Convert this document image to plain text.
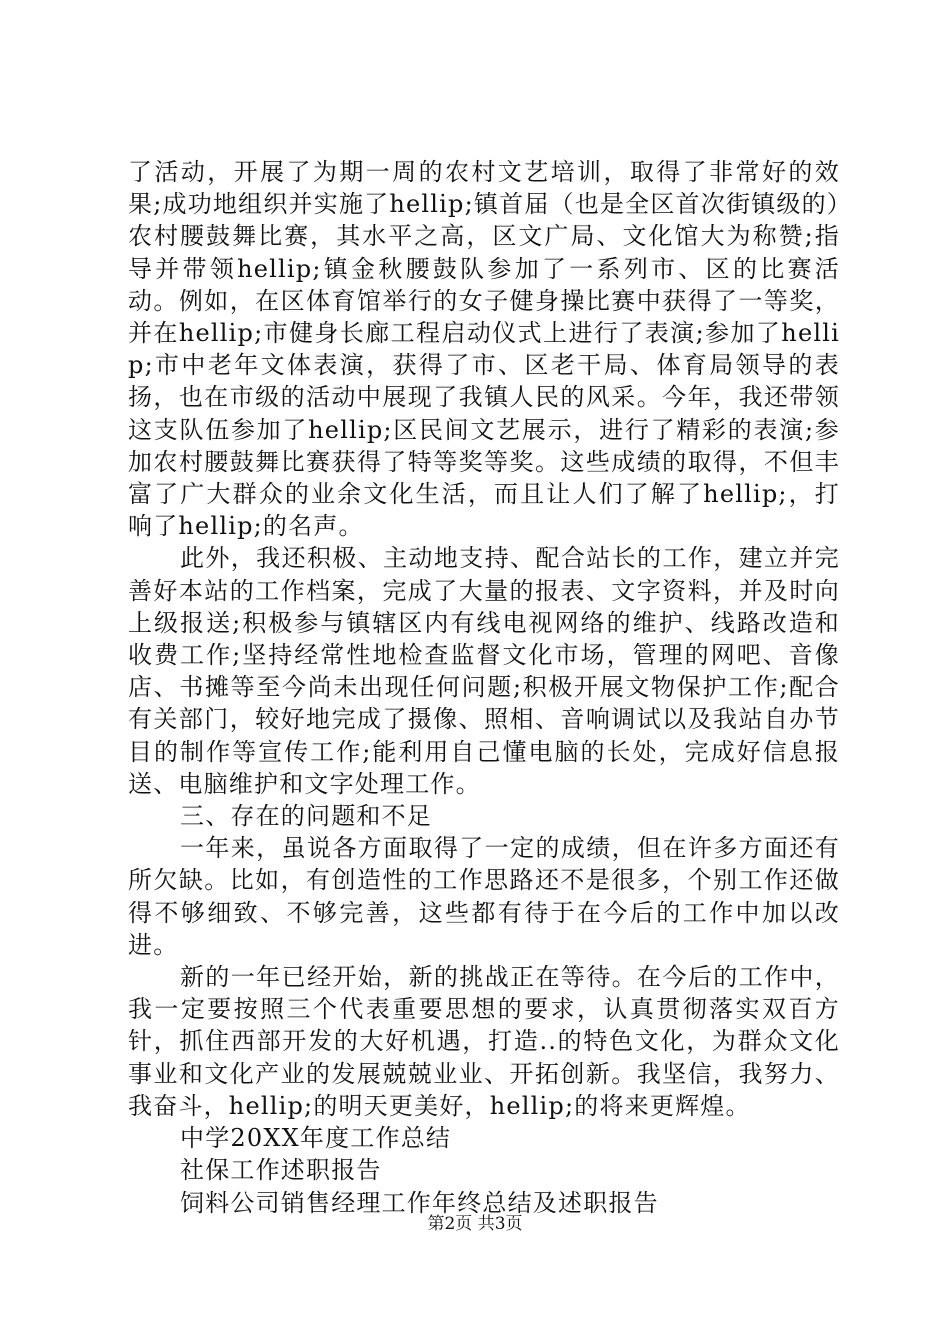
了活动，开展了为期一周的农村文艺培训，取得了非常好的效果;成功地组织并实施了hellip;镇首届（也是全区首次街镇级的）农村腰鼓舞比赛，其水平之高，区文广局、文化馆大为称赞;指导并带领hellip;镇金秋腰鼓队参加了一系列市、区的比赛活动。例如，在区体育馆举行的女子健身操比赛中获得了一等奖，并在hellip;市健身长廊工程启动仪式上进行了表演;参加了hellip;市中老年文体表演，获得了市、区老干局、体育局领导的表扬，也在市级的活动中展现了我镇人民的风采。今年，我还带领这支队伍参加了hellip;区民间文艺展示，进行了精彩的表演;参加农村腰鼓舞比赛获得了特等奖等奖。这些成绩的取得，不但丰富了广大群众的业余文化生活，而且让人们了解了hellip;，打响了hellip;的名声。

此外，我还积极、主动地支持、配合站长的工作，建立并完善好本站的工作档案，完成了大量的报表、文字资料，并及时向上级报送;积极参与镇辖区内有线电视网络的维护、线路改造和收费工作;坚持经常性地检查监督文化市场，管理的网吧、音像店、书摊等至今尚未出现任何问题;积极开展文物保护工作;配合有关部门，较好地完成了摄像、照相、音响调试以及我站自办节目的制作等宣传工作;能利用自己懂电脑的长处，完成好信息报送、电脑维护和文字处理工作。

三、存在的问题和不足

一年来，虽说各方面取得了一定的成绩，但在许多方面还有所欠缺。比如，有创造性的工作思路还不是很多，个别工作还做得不够细致、不够完善，这些都有待于在今后的工作中加以改进。

新的一年已经开始，新的挑战正在等待。在今后的工作中，我一定要按照三个代表重要思想的要求，认真贯彻落实双百方针，抓住西部开发的大好机遇，打造..的特色文化，为群众文化事业和文化产业的发展兢兢业业、开拓创新。我坚信，我努力、我奋斗，hellip;的明天更美好，hellip;的将来更辉煌。

中学20XX年度工作总结

社保工作述职报告

饲料公司销售经理工作年终总结及述职报告

第2页 共3页
